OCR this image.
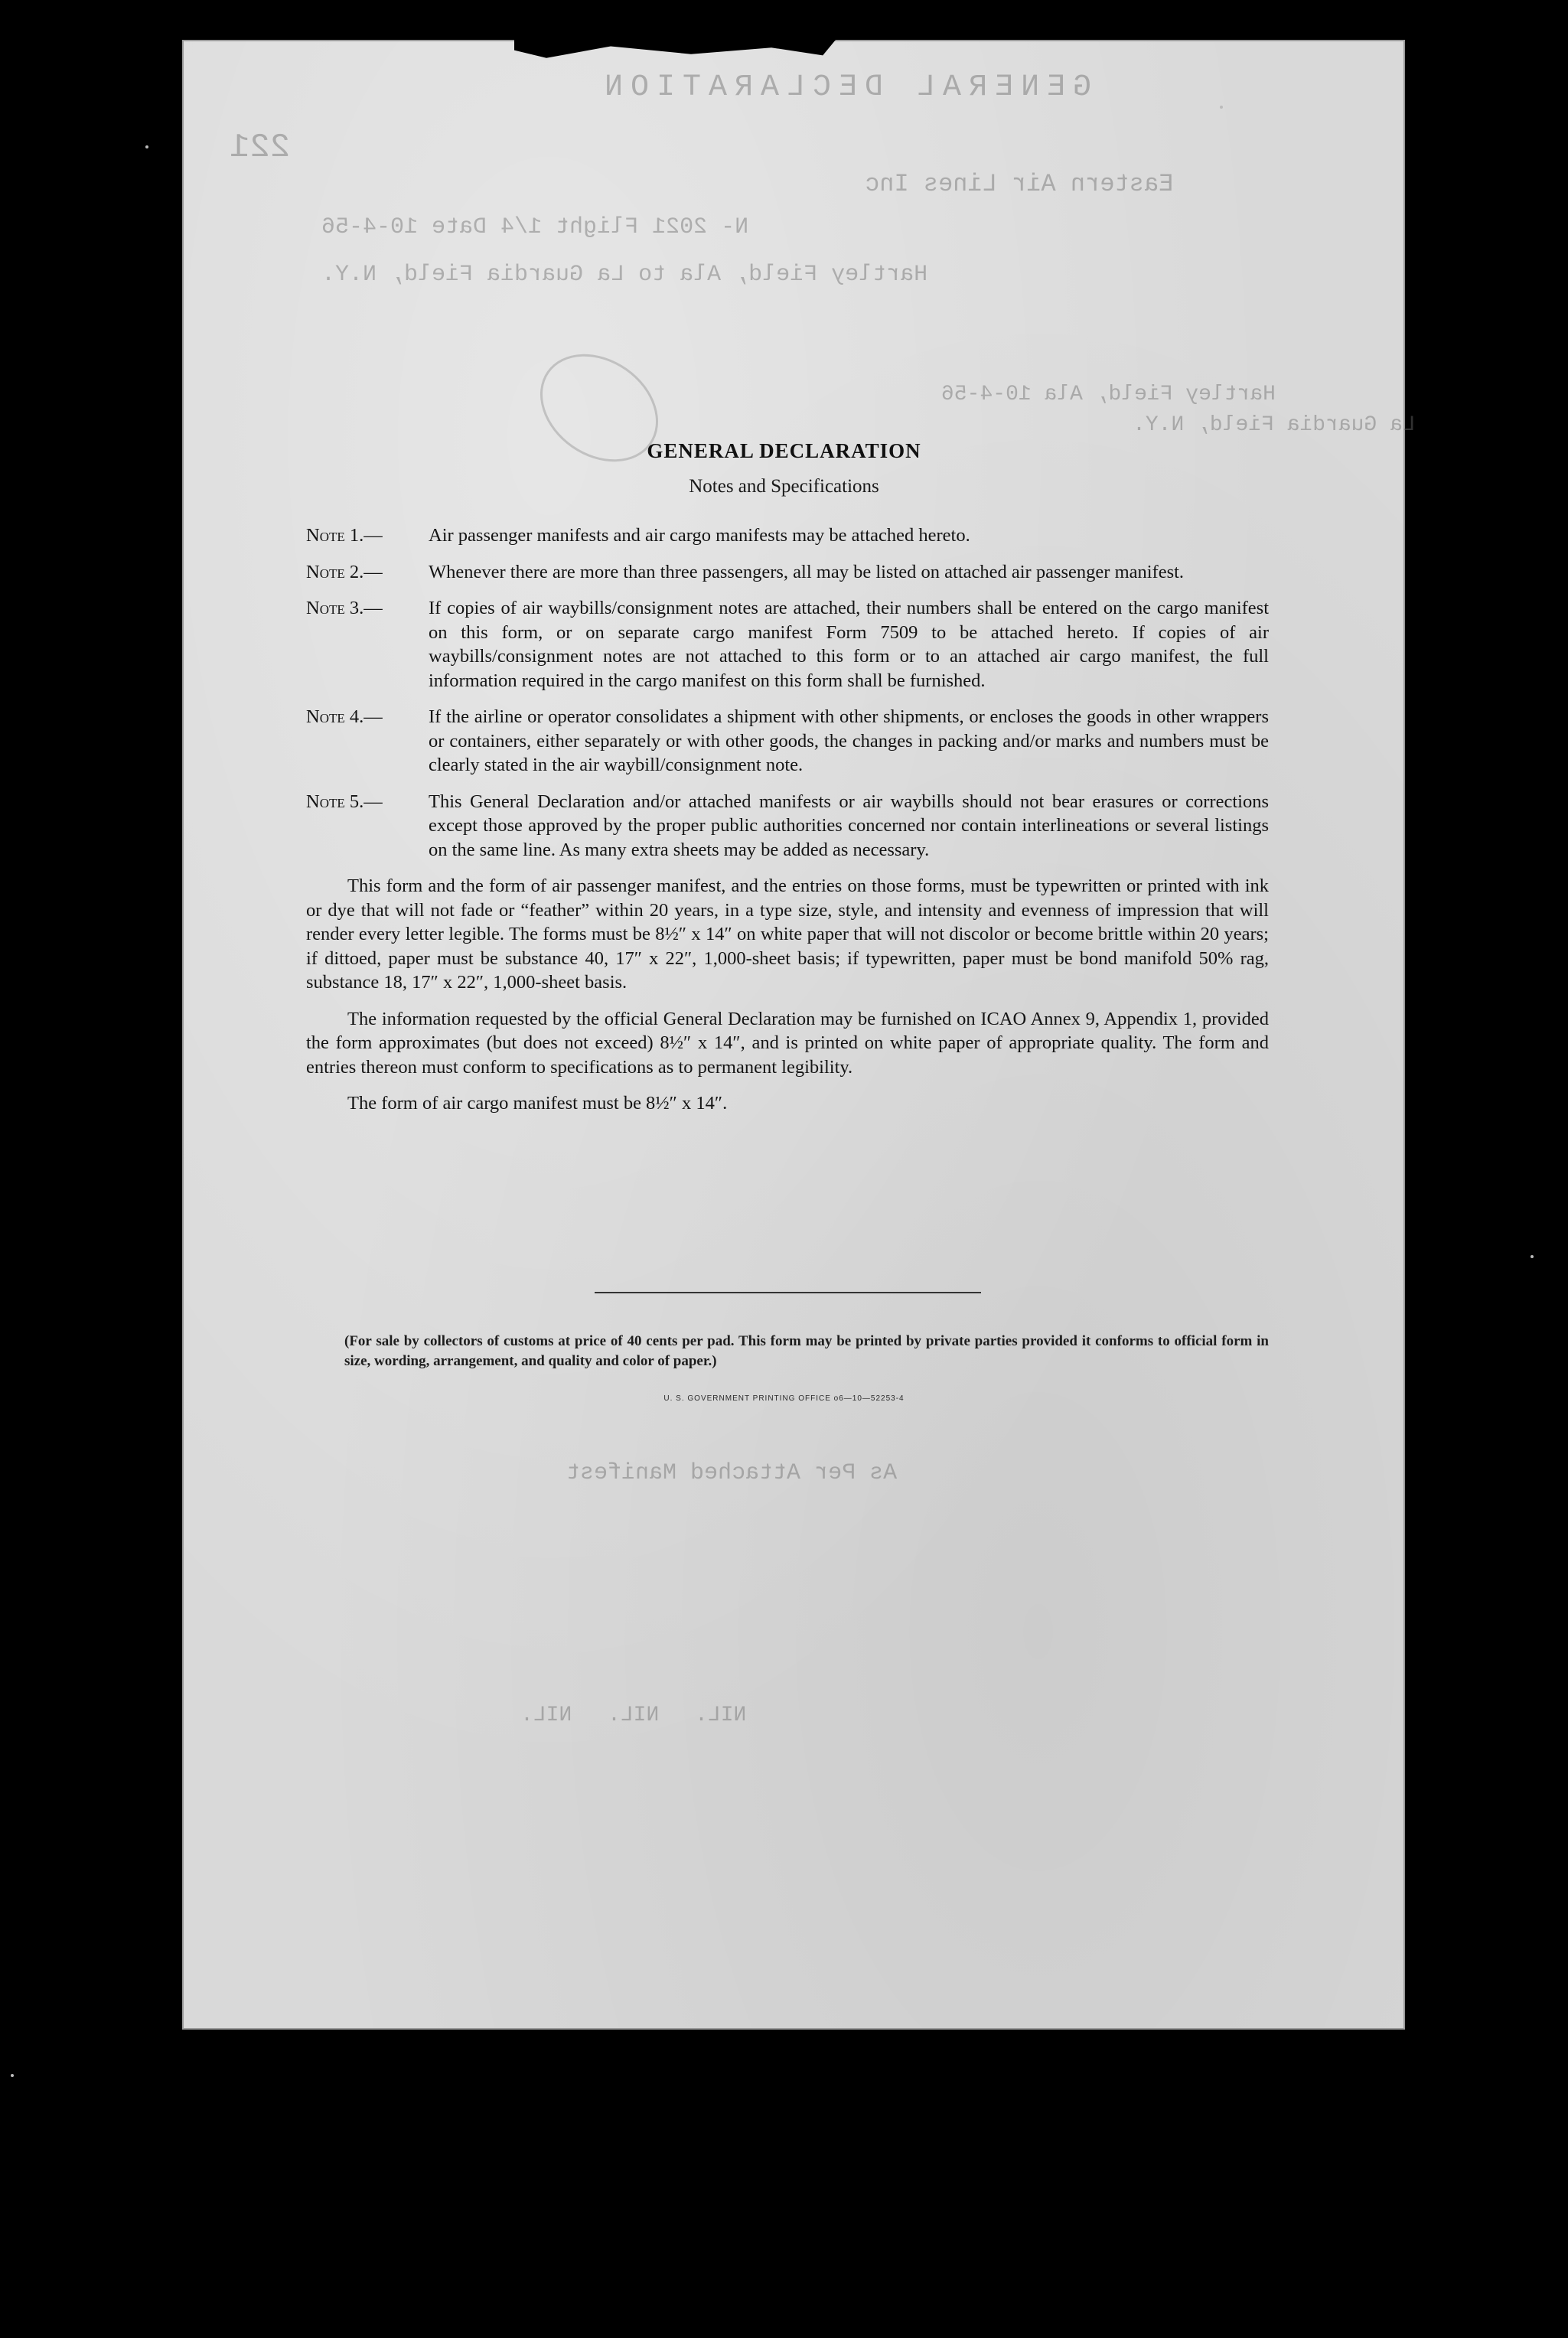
GENERAL DECLARATION
221
Eastern Air Lines Inc
N- 2021 Flight 1/4 Date 10-4-56
Hartley Field, Ala to La Guardia Field, N.Y.
Hartley Field, Ala 10-4-56
La Guardia Field, N.Y.
As Per Attached Manifest
NIL. NIL. NIL.
GENERAL DECLARATION
Notes and Specifications
Note 1.— Air passenger manifests and air cargo manifests may be attached hereto.
Note 2.— Whenever there are more than three passengers, all may be listed on attached air passenger manifest.
Note 3.— If copies of air waybills/consignment notes are attached, their numbers shall be entered on the cargo manifest on this form, or on separate cargo manifest Form 7509 to be attached hereto. If copies of air waybills/consignment notes are not attached to this form or to an attached air cargo manifest, the full information required in the cargo manifest on this form shall be furnished.
Note 4.— If the airline or operator consolidates a shipment with other shipments, or encloses the goods in other wrappers or containers, either separately or with other goods, the changes in packing and/or marks and numbers must be clearly stated in the air waybill/consignment note.
Note 5.— This General Declaration and/or attached manifests or air waybills should not bear erasures or corrections except those approved by the proper public authorities concerned nor contain interlineations or several listings on the same line. As many extra sheets may be added as necessary.

This form and the form of air passenger manifest, and the entries on those forms, must be typewritten or printed with ink or dye that will not fade or “feather” within 20 years, in a type size, style, and intensity and evenness of impression that will render every letter legible. The forms must be 8½″ x 14″ on white paper that will not discolor or become brittle within 20 years; if dittoed, paper must be substance 40, 17″ x 22″, 1,000-sheet basis; if typewritten, paper must be bond manifold 50% rag, substance 18, 17″ x 22″, 1,000-sheet basis.

The information requested by the official General Declaration may be furnished on ICAO Annex 9, Appendix 1, provided the form approximates (but does not exceed) 8½″ x 14″, and is printed on white paper of appropriate quality. The form and entries thereon must conform to specifications as to permanent legibility.

The form of air cargo manifest must be 8½″ x 14″.

(For sale by collectors of customs at price of 40 cents per pad. This form may be printed by private parties provided it conforms to official form in size, wording, arrangement, and quality and color of paper.)
U. S. GOVERNMENT PRINTING OFFICE o6—10—52253-4
